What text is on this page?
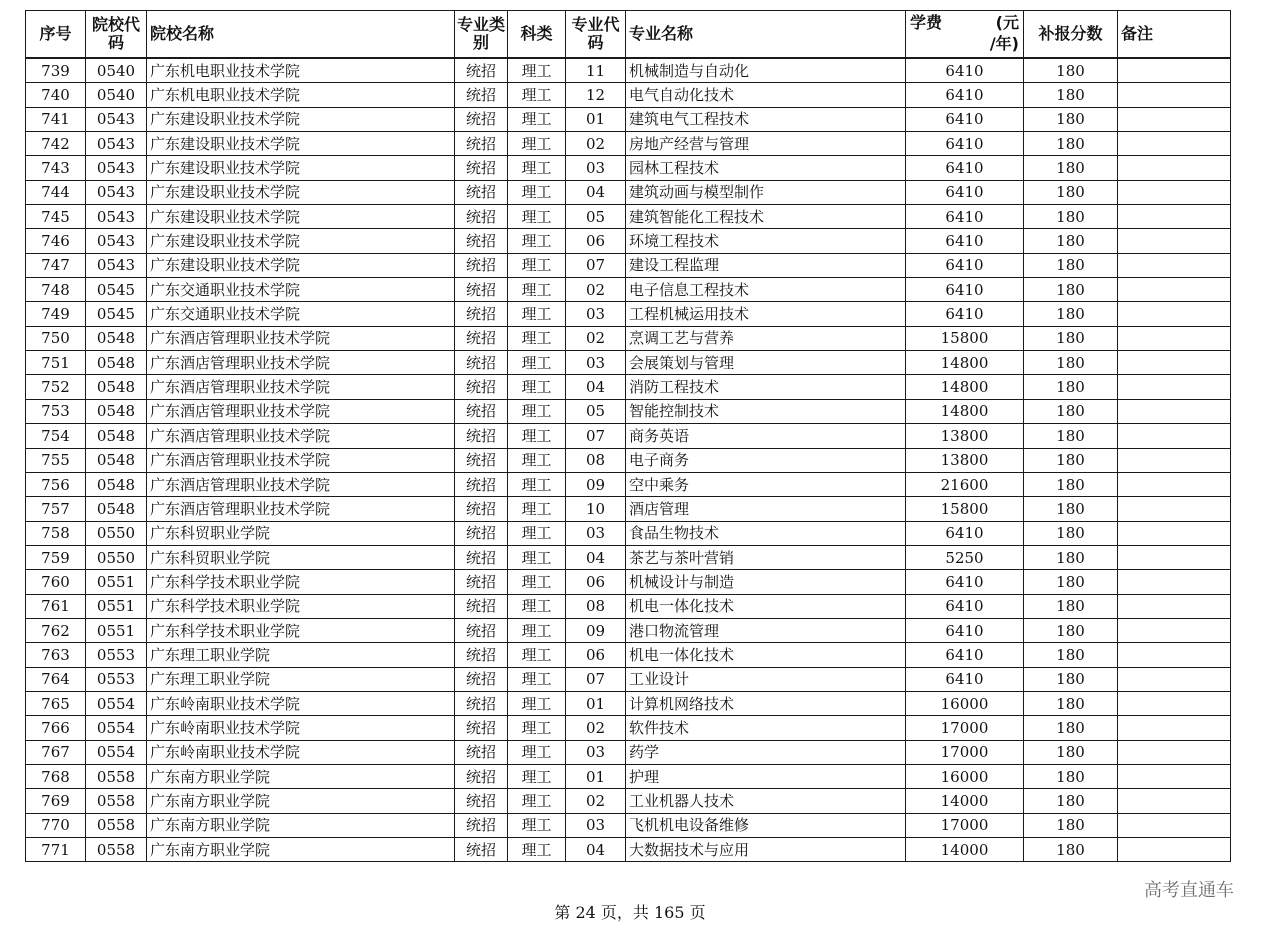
序号	院校代码	院校名称	专业类别	科类	专业代码	专业名称	学费 (元
/年)	补报分数	备注
739	0540	广东机电职业技术学院	统招	理工	11	机械制造与自动化	6410	180	
740	0540	广东机电职业技术学院	统招	理工	12	电气自动化技术	6410	180	
741	0543	广东建设职业技术学院	统招	理工	01	建筑电气工程技术	6410	180	
742	0543	广东建设职业技术学院	统招	理工	02	房地产经营与管理	6410	180	
743	0543	广东建设职业技术学院	统招	理工	03	园林工程技术	6410	180	
744	0543	广东建设职业技术学院	统招	理工	04	建筑动画与模型制作	6410	180	
745	0543	广东建设职业技术学院	统招	理工	05	建筑智能化工程技术	6410	180	
746	0543	广东建设职业技术学院	统招	理工	06	环境工程技术	6410	180	
747	0543	广东建设职业技术学院	统招	理工	07	建设工程监理	6410	180	
748	0545	广东交通职业技术学院	统招	理工	02	电子信息工程技术	6410	180	
749	0545	广东交通职业技术学院	统招	理工	03	工程机械运用技术	6410	180	
750	0548	广东酒店管理职业技术学院	统招	理工	02	烹调工艺与营养	15800	180	
751	0548	广东酒店管理职业技术学院	统招	理工	03	会展策划与管理	14800	180	
752	0548	广东酒店管理职业技术学院	统招	理工	04	消防工程技术	14800	180	
753	0548	广东酒店管理职业技术学院	统招	理工	05	智能控制技术	14800	180	
754	0548	广东酒店管理职业技术学院	统招	理工	07	商务英语	13800	180	
755	0548	广东酒店管理职业技术学院	统招	理工	08	电子商务	13800	180	
756	0548	广东酒店管理职业技术学院	统招	理工	09	空中乘务	21600	180	
757	0548	广东酒店管理职业技术学院	统招	理工	10	酒店管理	15800	180	
758	0550	广东科贸职业学院	统招	理工	03	食品生物技术	6410	180	
759	0550	广东科贸职业学院	统招	理工	04	茶艺与茶叶营销	5250	180	
760	0551	广东科学技术职业学院	统招	理工	06	机械设计与制造	6410	180	
761	0551	广东科学技术职业学院	统招	理工	08	机电一体化技术	6410	180	
762	0551	广东科学技术职业学院	统招	理工	09	港口物流管理	6410	180	
763	0553	广东理工职业学院	统招	理工	06	机电一体化技术	6410	180	
764	0553	广东理工职业学院	统招	理工	07	工业设计	6410	180	
765	0554	广东岭南职业技术学院	统招	理工	01	计算机网络技术	16000	180	
766	0554	广东岭南职业技术学院	统招	理工	02	软件技术	17000	180	
767	0554	广东岭南职业技术学院	统招	理工	03	药学	17000	180	
768	0558	广东南方职业学院	统招	理工	01	护理	16000	180	
769	0558	广东南方职业学院	统招	理工	02	工业机器人技术	14000	180	
770	0558	广东南方职业学院	统招	理工	03	飞机机电设备维修	17000	180	
771	0558	广东南方职业学院	统招	理工	04	大数据技术与应用	14000	180	
第 24 页，共 165 页
高考直通车
